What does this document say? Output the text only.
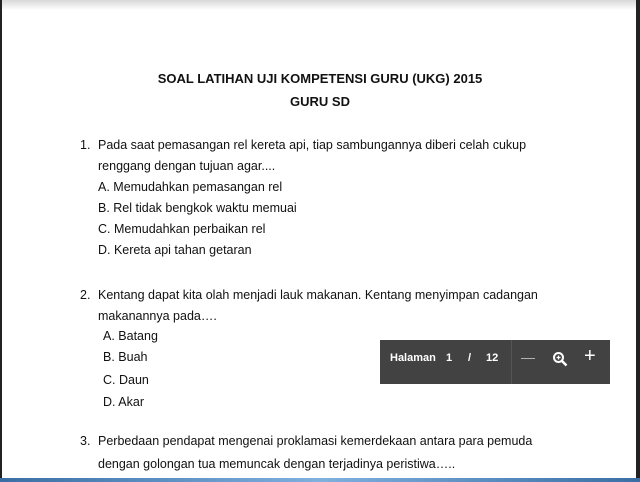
SOAL LATIHAN UJI KOMPETENSI GURU (UKG) 2015
GURU SD
1. Pada saat pemasangan rel kereta api, tiap sambungannya diberi celah cukup
renggang dengan tujuan agar....
A. Memudahkan pemasangan rel
B. Rel tidak bengkok waktu memuai
C. Memudahkan perbaikan rel
D. Kereta api tahan getaran
2. Kentang dapat kita olah menjadi lauk makanan. Kentang menyimpan cadangan
makanannya pada….
A. Batang
B. Buah
C. Daun
D. Akar
3. Perbedaan pendapat mengenai proklamasi kemerdekaan antara para pemuda
dengan golongan tua memuncak dengan terjadinya peristiwa…..
Halaman 1 / 12 — +
